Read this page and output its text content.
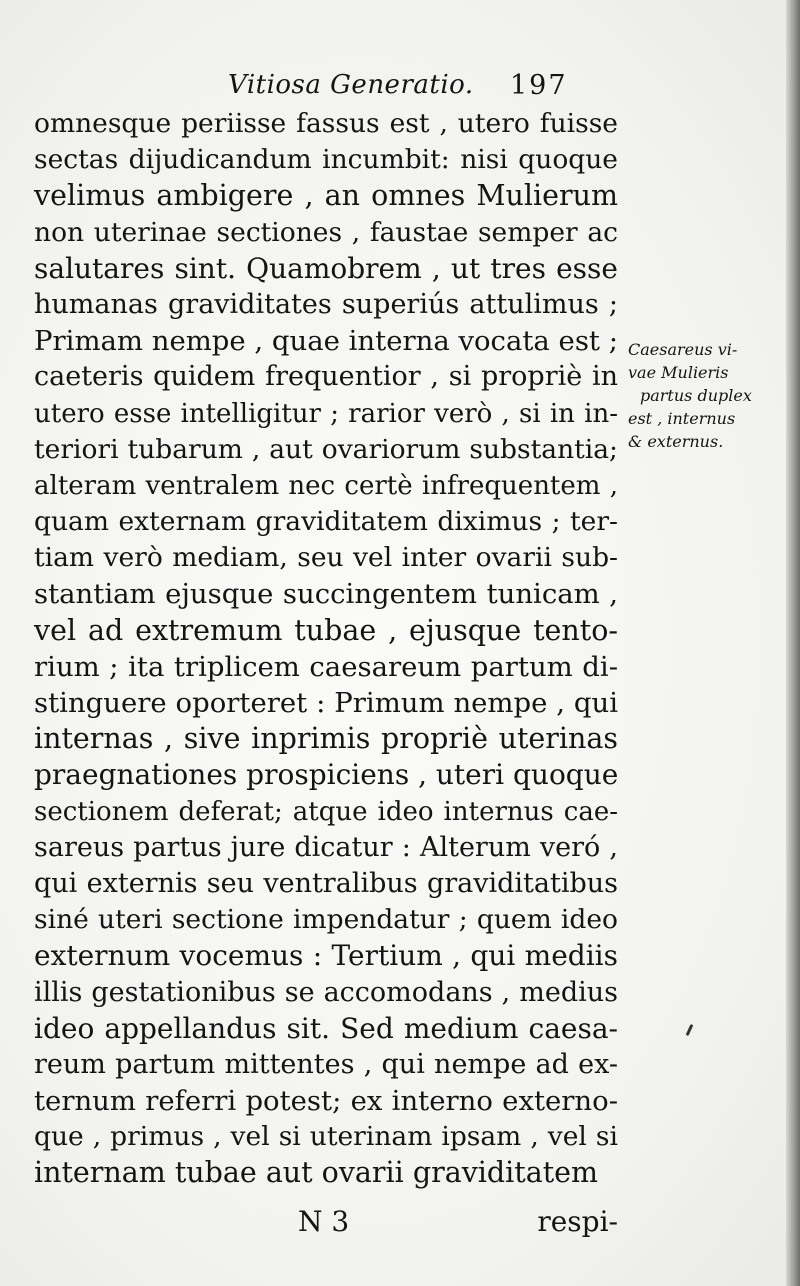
Vitiosa Generatio. 197
omnesque periisse fassus est , utero fuisse
sectas dijudicandum incumbit: nisi quoque
velimus ambigere , an omnes Mulierum
non uterinae sectiones , faustae semper ac
salutares sint. Quamobrem , ut tres esse
humanas graviditates superiús attulimus ;
Primam nempe , quae interna vocata est ;
caeteris quidem frequentior , si propriè in
utero esse intelligitur ; rarior verò , si in in-
teriori tubarum , aut ovariorum substantia;
alteram ventralem nec certè infrequentem ,
quam externam graviditatem diximus ; ter-
tiam verò mediam, seu vel inter ovarii sub-
stantiam ejusque succingentem tunicam ,
vel ad extremum tubae , ejusque tento-
rium ; ita triplicem caesareum partum di-
stinguere oporteret : Primum nempe , qui
internas , sive inprimis propriè uterinas
praegnationes prospiciens , uteri quoque
sectionem deferat; atque ideo internus cae-
sareus partus jure dicatur : Alterum veró ,
qui externis seu ventralibus graviditatibus
siné uteri sectione impendatur ; quem ideo
externum vocemus : Tertium , qui mediis
illis gestationibus se accomodans , medius
ideo appellandus sit. Sed medium caesa-
reum partum mittentes , qui nempe ad ex-
ternum referri potest; ex interno externo-
que , primus , vel si uterinam ipsam , vel si
internam tubae aut ovarii graviditatem
Caesareus vi-
vae Mulieris
partus duplex
est , internus
& externus.
N 3	respi-
